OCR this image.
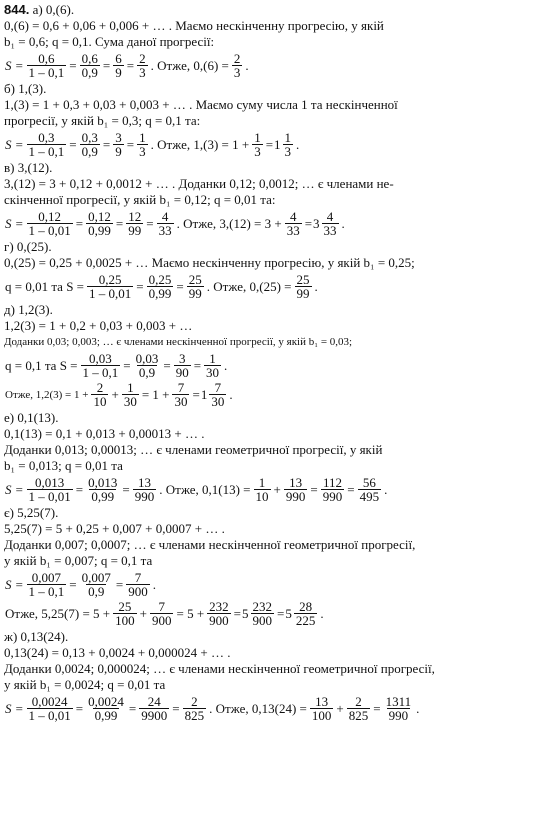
844. а) 0,(6).
0,(6) = 0,6 + 0,06 + 0,006 + … . Маємо нескінченну прогресію, у якій
b₁ = 0,6; q = 0,1. Сума даної прогресії:
$S = \frac{0,6}{1 - 0,1} = \frac{0,6}{0,9} = \frac{6}{9} = \frac{2}{3}$ . Отже, $0,(6) = \frac{2}{3}$ .
б) 1,(3).
1,(3) = 1 + 0,3 + 0,03 + 0,003 + … . Маємо суму числа 1 та нескінченної
прогресії, у якій b₁ = 0,3; q = 0,1 та:
$S = \frac{0,3}{1 - 0,1} = \frac{0,3}{0,9} = \frac{3}{9} = \frac{1}{3}$ . Отже, $1,(3) = 1 + \frac{1}{3} = 1 \frac{1}{3}$ .
в) 3,(12).
3,(12) = 3 + 0,12 + 0,0012 + … . Доданки 0,12; 0,0012; … є членами не-
скінченної прогресії, у якій b₁ = 0,12; q = 0,01 та:
$S = \frac{0,12}{1 - 0,01} = \frac{0,12}{0,99} = \frac{12}{99} = \frac{4}{33}$ . Отже, $3,(12) = 3 + \frac{4}{33} = 3 \frac{4}{33}$ .
г) 0,(25).
0,(25) = 0,25 + 0,0025 + … Маємо нескінченну прогресію, у якій b₁ = 0,25;
q = 0,01 та $S = \frac{0,25}{1 - 0,01} = \frac{0,25}{0,99} = \frac{25}{99}$ . Отже, $0,(25) = \frac{25}{99}$ .
д) 1,2(3).
1,2(3) = 1 + 0,2 + 0,03 + 0,003 + …
Доданки 0,03; 0,003; … є членами нескінченної прогресії, у якій b₁ = 0,03;
q = 0,1 та $S = \frac{0,03}{1 - 0,1} = \frac{0,03}{0,9} = \frac{3}{90} = \frac{1}{30}$ .
Отже, $1,2(3) = 1 + \frac{2}{10} + \frac{1}{30} = 1 + \frac{7}{30} = 1 \frac{7}{30}$ .
е) 0,1(13).
0,1(13) = 0,1 + 0,013 + 0,00013 + … .
Доданки 0,013; 0,00013; … є членами геометричної прогресії, у якій
b₁ = 0,013; q = 0,01 та
$S = \frac{0,013}{1 - 0,01} = \frac{0,013}{0,99} = \frac{13}{990}$ . Отже, $0,1(13) = \frac{1}{10} + \frac{13}{990} = \frac{112}{990} = \frac{56}{495}$ .
є) 5,25(7).
5,25(7) = 5 + 0,25 + 0,007 + 0,0007 + … .
Доданки 0,007; 0,0007; … є членами нескінченної геометричної прогресії,
у якій b₁ = 0,007; q = 0,1 та
$S = \frac{0,007}{1 - 0,1} = \frac{0,007}{0,9} = \frac{7}{900}$ .
Отже, $5,25(7) = 5 + \frac{25}{100} + \frac{7}{900} = 5 + \frac{232}{900} = 5 \frac{232}{900} = 5 \frac{28}{225}$ .
ж) 0,13(24).
0,13(24) = 0,13 + 0,0024 + 0,000024 + … .
Доданки 0,0024; 0,000024; … є членами нескінченної геометричної прогресії,
у якій b₁ = 0,0024; q = 0,01 та
$S = \frac{0,0024}{1 - 0,01} = \frac{0,0024}{0,99} = \frac{24}{9900} = \frac{2}{825}$ . Отже, $0,13(24) = \frac{13}{100} + \frac{2}{825} = \frac{1311}{990}$ .
